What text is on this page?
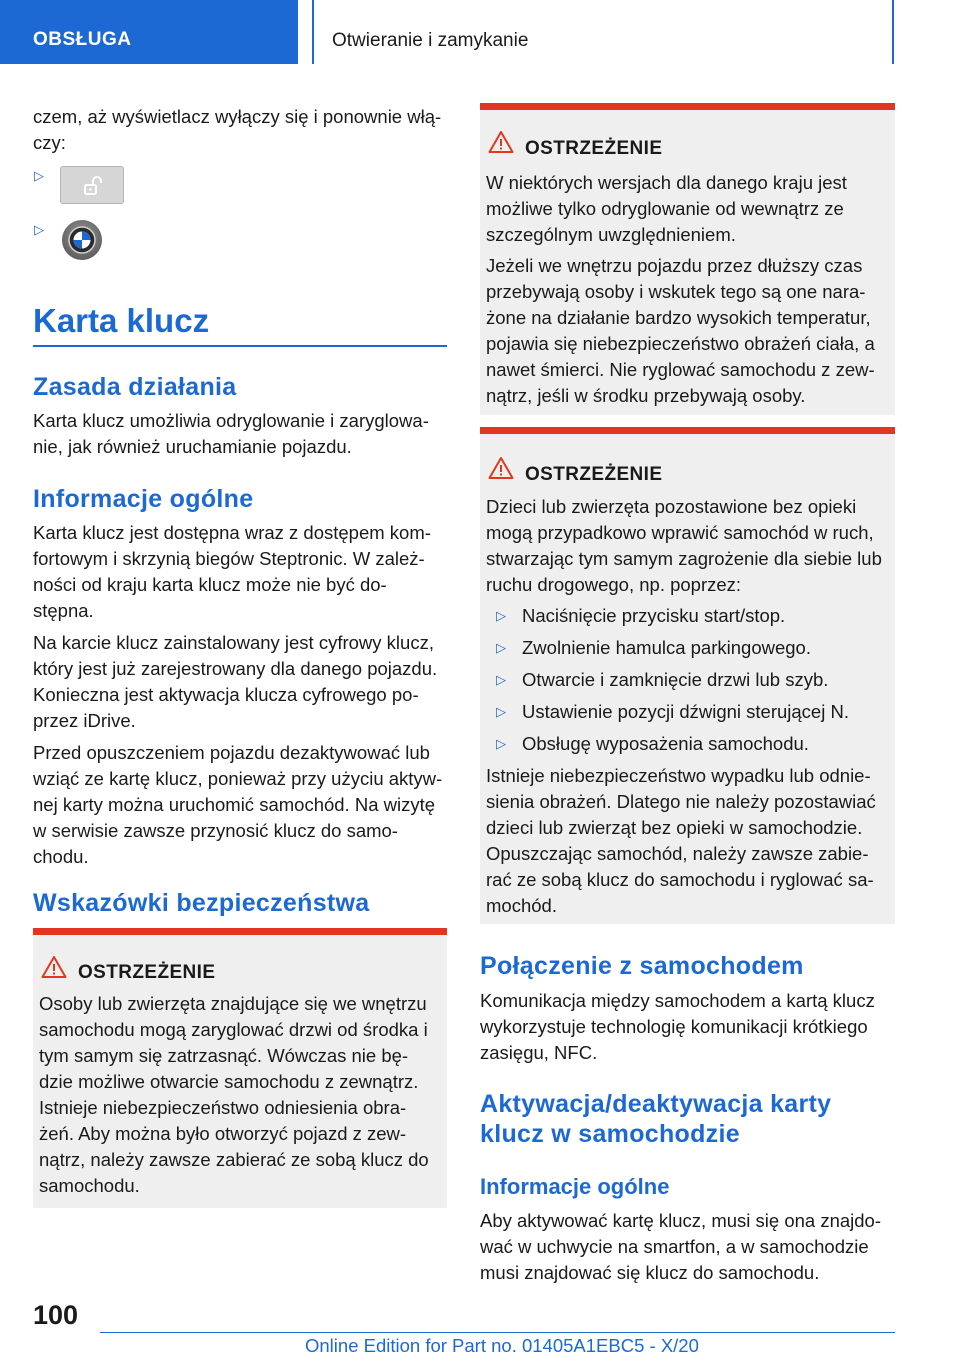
OBSŁUGA	Otwieranie i zamykanie

czem, aż wyświetlacz wyłączy się i ponownie włą-

czy:

▷
▷
Karta klucz
Zasada działania

Karta klucz umożliwia odryglowanie i zaryglowa-

nie, jak również uruchamianie pojazdu.

Informacje ogólne

Karta klucz jest dostępna wraz z dostępem kom-

fortowym i skrzynią biegów Steptronic. W zależ-

ności od kraju karta klucz może nie być do-

stępna.

Na karcie klucz zainstalowany jest cyfrowy klucz,

który jest już zarejestrowany dla danego pojazdu.

Konieczna jest aktywacja klucza cyfrowego po-

przez iDrive.

Przed opuszczeniem pojazdu dezaktywować lub

wziąć ze kartę klucz, ponieważ przy użyciu aktyw-

nej karty można uruchomić samochód. Na wizytę

w serwisie zawsze przynosić klucz do samo-

chodu.

Wskazówki bezpieczeństwa
OSTRZEŻENIE

Osoby lub zwierzęta znajdujące się we wnętrzu

samochodu mogą zaryglować drzwi od środka i

tym samym się zatrzasnąć. Wówczas nie bę-

dzie możliwe otwarcie samochodu z zewnątrz.

Istnieje niebezpieczeństwo odniesienia obra-

żeń. Aby można było otworzyć pojazd z zew-

nątrz, należy zawsze zabierać ze sobą klucz do

samochodu.

OSTRZEŻENIE

W niektórych wersjach dla danego kraju jest

możliwe tylko odryglowanie od wewnątrz ze

szczególnym uwzględnieniem.

Jeżeli we wnętrzu pojazdu przez dłuższy czas

przebywają osoby i wskutek tego są one nara-

żone na działanie bardzo wysokich temperatur,

pojawia się niebezpieczeństwo obrażeń ciała, a

nawet śmierci. Nie ryglować samochodu z zew-

nątrz, jeśli w środku przebywają osoby.

OSTRZEŻENIE

Dzieci lub zwierzęta pozostawione bez opieki

mogą przypadkowo wprawić samochód w ruch,

stwarzając tym samym zagrożenie dla siebie lub

ruchu drogowego, np. poprzez:

▷ Naciśnięcie przycisku start/stop.

▷ Zwolnienie hamulca parkingowego.

▷ Otwarcie i zamknięcie drzwi lub szyb.

▷ Ustawienie pozycji dźwigni sterującej N.

▷ Obsługę wyposażenia samochodu.

Istnieje niebezpieczeństwo wypadku lub odnie-

sienia obrażeń. Dlatego nie należy pozostawiać

dzieci lub zwierząt bez opieki w samochodzie.

Opuszczając samochód, należy zawsze zabie-

rać ze sobą klucz do samochodu i ryglować sa-

mochód.

Połączenie z samochodem

Komunikacja między samochodem a kartą klucz

wykorzystuje technologię komunikacji krótkiego

zasięgu, NFC.

Aktywacja/deaktywacja karty
klucz w samochodzie
Informacje ogólne

Aby aktywować kartę klucz, musi się ona znajdo-

wać w uchwycie na smartfon, a w samochodzie

musi znajdować się klucz do samochodu.

100
Online Edition for Part no. 01405A1EBC5 - X/20
